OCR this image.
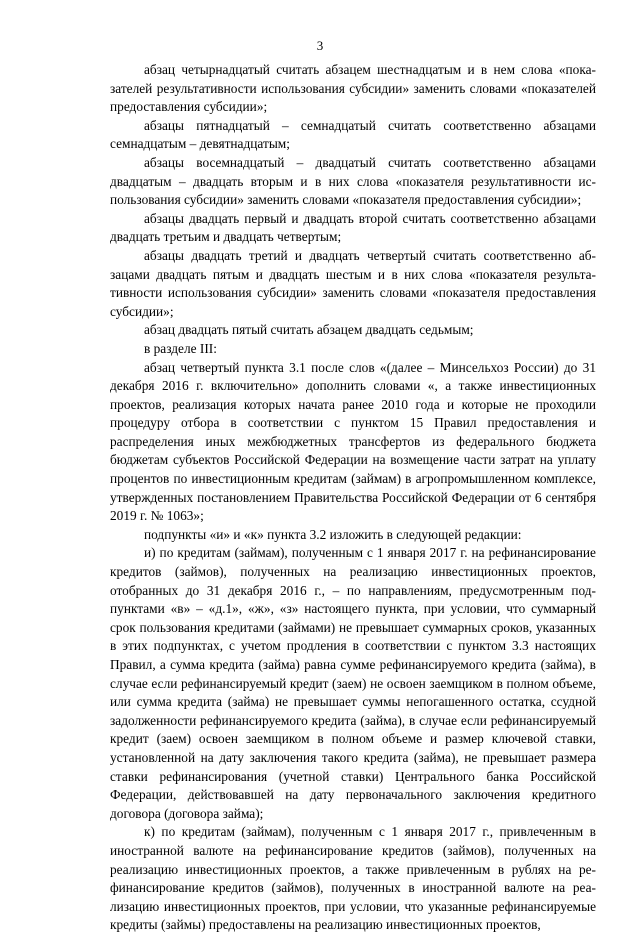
3

абзац четырнадцатый считать абзацем шестнадцатым и в нем слова «показателей результативности использования субсидии» заменить словами «показателей предоставления субсидии»;

абзацы пятнадцатый – семнадцатый считать соответственно абзацами семнадцатым – девятнадцатым;

абзацы восемнадцатый – двадцатый считать соответственно абзацами двадцатым – двадцать вторым и в них слова «показателя результативности использования субсидии» заменить словами «показателя предоставления субсидии»;

абзацы двадцать первый и двадцать второй считать соответственно абзацами двадцать третьим и двадцать четвертым;

абзацы двадцать третий и двадцать четвертый считать соответственно абзацами двадцать пятым и двадцать шестым и в них слова «показателя результативности использования субсидии» заменить словами «показателя предоставления субсидии»;

абзац двадцать пятый считать абзацем двадцать седьмым;

в разделе III:

абзац четвертый пункта 3.1 после слов «(далее – Минсельхоз России) до 31 декабря 2016 г. включительно» дополнить словами «, а также инвестиционных проектов, реализация которых начата ранее 2010 года и которые не проходили процедуру отбора в соответствии с пунктом 15 Правил предоставления и распределения иных межбюджетных трансфертов из федерального бюджета бюджетам субъектов Российской Федерации на возмещение части затрат на уплату процентов по инвестиционным кредитам (займам) в агропромышленном комплексе, утвержденных постановлением Правительства Российской Федерации от 6 сентября 2019 г. № 1063»;

подпункты «и» и «к» пункта 3.2 изложить в следующей редакции:

и) по кредитам (займам), полученным с 1 января 2017 г. на рефинансирование кредитов (займов), полученных на реализацию инвестиционных проектов, отобранных до 31 декабря 2016 г., – по направлениям, предусмотренным подпунктами «в» – «д.1», «ж», «з» настоящего пункта, при условии, что суммарный срок пользования кредитами (займами) не превышает суммарных сроков, указанных в этих подпунктах, с учетом продления в соответствии с пунктом 3.3 настоящих Правил, а сумма кредита (займа) равна сумме рефинансируемого кредита (займа), в случае если рефинансируемый кредит (заем) не освоен заемщиком в полном объеме, или сумма кредита (займа) не превышает суммы непогашенного остатка, ссудной задолженности рефинансируемого кредита (займа), в случае если рефинансируемый кредит (заем) освоен заемщиком в полном объеме и размер ключевой ставки, установленной на дату заключения такого кредита (займа), не превышает размера ставки рефинансирования (учетной ставки) Центрального банка Российской Федерации, действовавшей на дату первоначального заключения кредитного договора (договора займа);

к) по кредитам (займам), полученным с 1 января 2017 г., привлеченным в иностранной валюте на рефинансирование кредитов (займов), полученных на реализацию инвестиционных проектов, а также привлеченным в рублях на рефинансирование кредитов (займов), полученных в иностранной валюте на реализацию инвестиционных проектов, при условии, что указанные рефинансируемые кредиты (займы) предоставлены на реализацию инвестиционных проектов,
